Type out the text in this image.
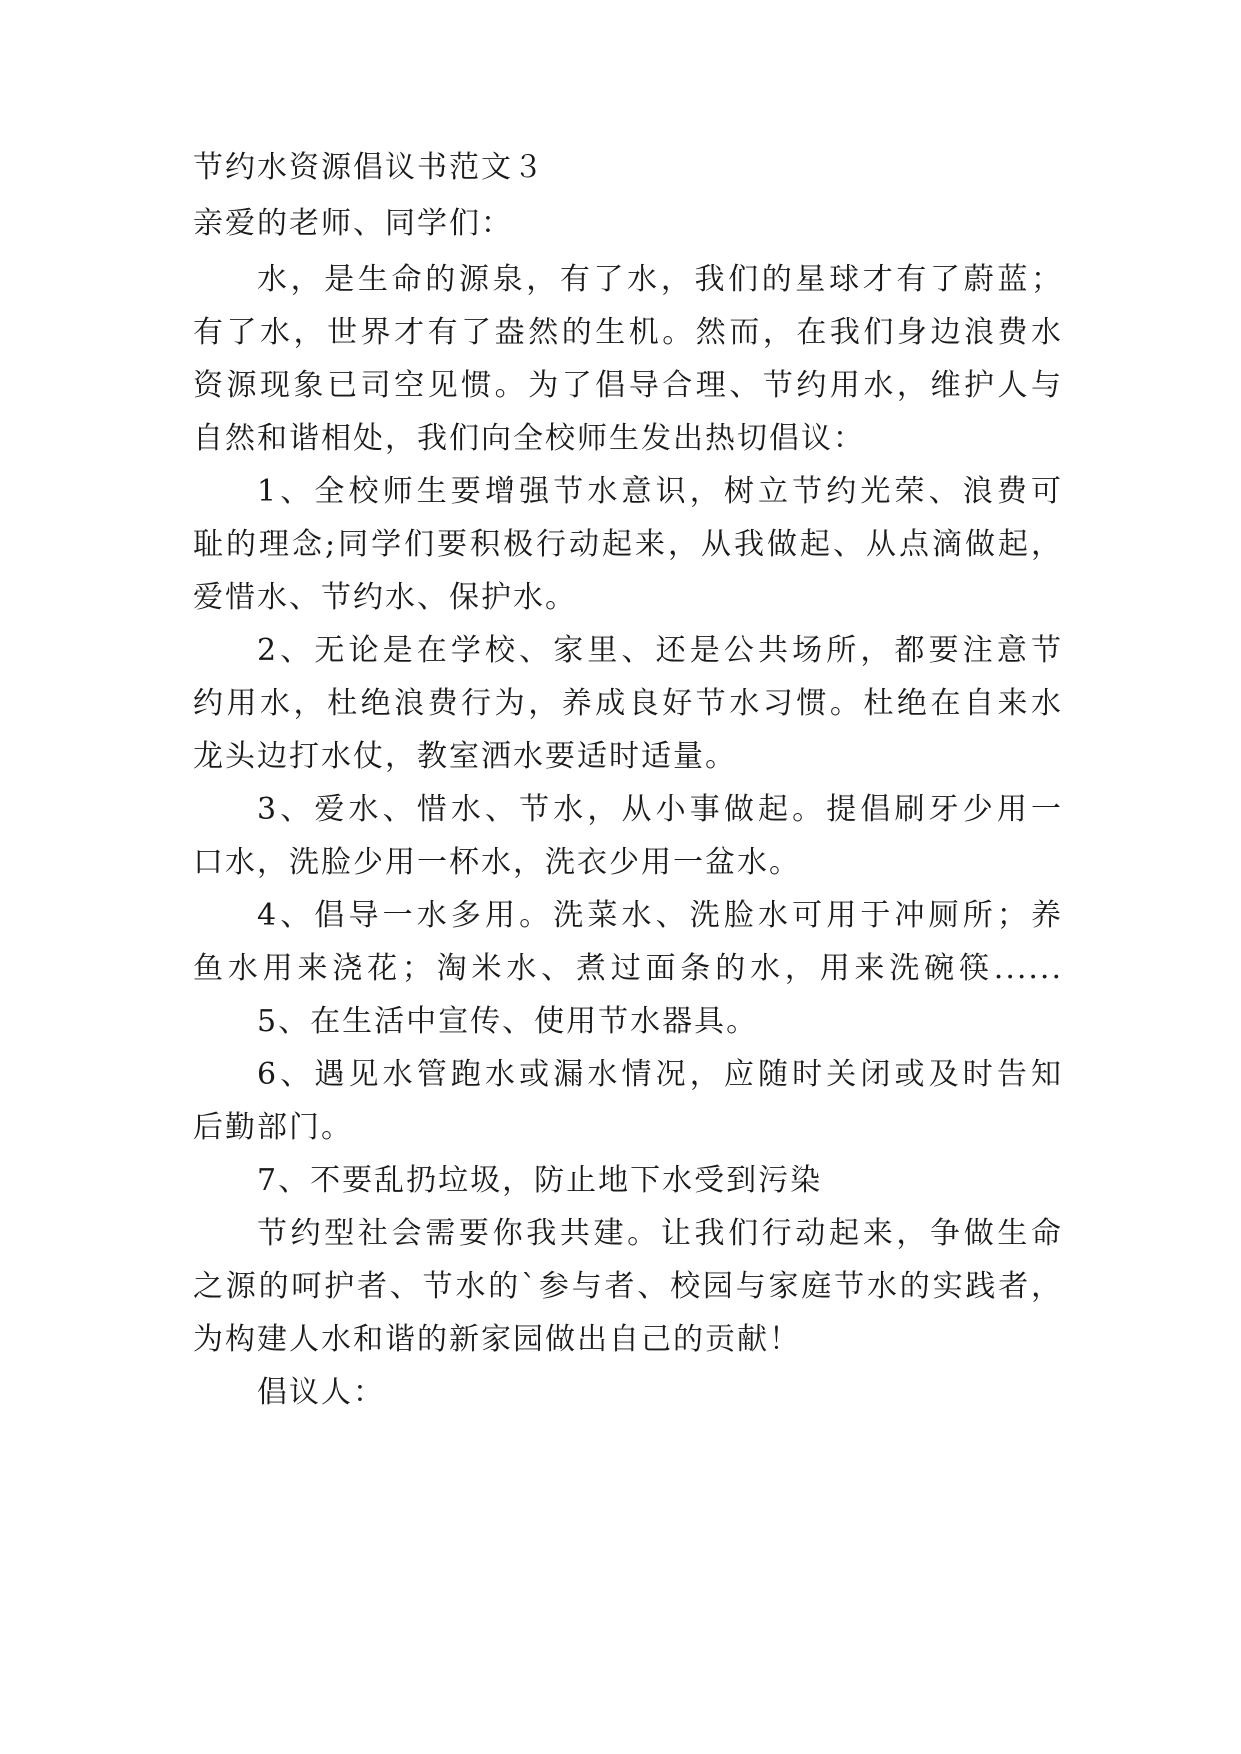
节约水资源倡议书范文３
亲爱的老师、同学们：
水，是生命的源泉，有了水，我们的星球才有了蔚蓝；
有了水，世界才有了盎然的生机。然而，在我们身边浪费水
资源现象已司空见惯。为了倡导合理、节约用水，维护人与
自然和谐相处，我们向全校师生发出热切倡议：
1、全校师生要增强节水意识，树立节约光荣、浪费可
耻的理念;同学们要积极行动起来，从我做起、从点滴做起，
爱惜水、节约水、保护水。
2、无论是在学校、家里、还是公共场所，都要注意节
约用水，杜绝浪费行为，养成良好节水习惯。杜绝在自来水
龙头边打水仗，教室洒水要适时适量。
3、爱水、惜水、节水，从小事做起。提倡刷牙少用一
口水，洗脸少用一杯水，洗衣少用一盆水。
4、倡导一水多用。洗菜水、洗脸水可用于冲厕所；养
鱼水用来浇花；淘米水、煮过面条的水，用来洗碗筷......
5、在生活中宣传、使用节水器具。
6、遇见水管跑水或漏水情况，应随时关闭或及时告知
后勤部门。
7、不要乱扔垃圾，防止地下水受到污染
节约型社会需要你我共建。让我们行动起来，争做生命
之源的呵护者、节水的`参与者、校园与家庭节水的实践者，
为构建人水和谐的新家园做出自己的贡献！
倡议人：
